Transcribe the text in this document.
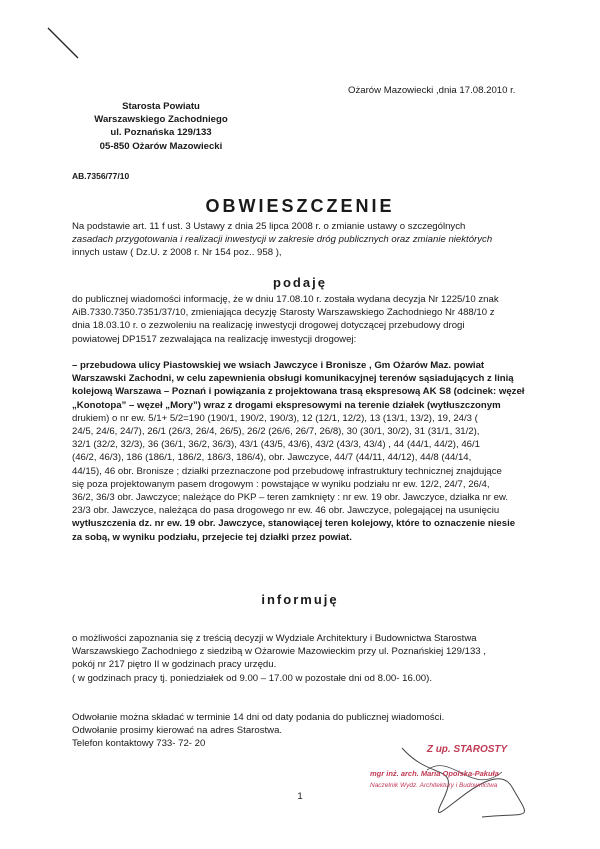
Ożarów Mazowiecki ,dnia 17.08.2010 r.
Starosta Powiatu
Warszawskiego Zachodniego
ul. Poznańska 129/133
05-850 Ożarów Mazowiecki
AB.7356/77/10
OBWIESZCZENIE
Na podstawie art. 11 f ust. 3 Ustawy z dnia 25 lipca 2008 r. o zmianie ustawy o szczególnych
zasadach przygotowania i realizacji inwestycji w zakresie dróg publicznych oraz zmianie niektórych
innych ustaw ( Dz.U. z 2008 r. Nr 154 poz.. 958 ),
podaję
do publicznej wiadomości informację, że w dniu 17.08.10 r. została wydana decyzja Nr 1225/10 znak
AiB.7330.7350.7351/37/10, zmieniająca decyzję Starosty Warszawskiego Zachodniego Nr 488/10 z
dnia 18.03.10 r. o zezwoleniu na realizację inwestycji drogowej dotyczącej przebudowy drogi
powiatowej DP1517 zezwalająca na realizację inwestycji drogowej:
– przebudowa ulicy Piastowskiej we wsiach Jawczyce i Bronisze , Gm Ożarów Maz. powiat
Warszawski Zachodni, w celu zapewnienia obsługi komunikacyjnej terenów sąsiadujących z linią
kolejową Warszawa – Poznań i powiązania z projektowana trasą ekspresową AK S8 (odcinek: węzeł
„Konotopa” – węzeł „Mory”) wraz z drogami ekspresowymi na terenie działek (wytłuszczonym
drukiem) o nr ew. 5/1+ 5/2=190 (190/1, 190/2, 190/3), 12 (12/1, 12/2), 13 (13/1, 13/2), 19, 24/3 (
24/5, 24/6, 24/7), 26/1 (26/3, 26/4, 26/5), 26/2 (26/6, 26/7, 26/8), 30 (30/1, 30/2), 31 (31/1, 31/2),
32/1 (32/2, 32/3), 36 (36/1, 36/2, 36/3), 43/1 (43/5, 43/6), 43/2 (43/3, 43/4) , 44 (44/1, 44/2), 46/1
(46/2, 46/3), 186 (186/1, 186/2, 186/3, 186/4), obr. Jawczyce, 44/7 (44/11, 44/12), 44/8 (44/14,
44/15), 46 obr. Bronisze ; działki przeznaczone pod przebudowę infrastruktury technicznej znajdujące
się poza projektowanym pasem drogowym : powstające w wyniku podziału nr ew. 12/2, 24/7, 26/4,
36/2, 36/3 obr. Jawczyce; należące do PKP – teren zamknięty : nr ew. 19 obr. Jawczyce, działka nr ew.
23/3 obr. Jawczyce, należąca do pasa drogowego nr ew. 46 obr. Jawczyce, polegającej na usunięciu
wytłuszczenia dz. nr ew. 19 obr. Jawczyce, stanowiącej teren kolejowy, które to oznaczenie niesie
za sobą, w wyniku podziału, przejecie tej działki przez powiat.
informuję
o możliwości zapoznania się z treścią decyzji w Wydziale Architektury i Budownictwa Starostwa
Warszawskiego Zachodniego z siedzibą w Ożarowie Mazowieckim przy ul. Poznańskiej 129/133 ,
pokój nr 217 piętro II w godzinach pracy urzędu.
( w godzinach pracy tj. poniedziałek od 9.00 – 17.00 w pozostałe dni od 8.00- 16.00).
Odwołanie można składać w terminie 14 dni od daty podania do publicznej wiadomości.
Odwołanie prosimy kierować na adres Starostwa.
Telefon kontaktowy 733- 72- 20
Z up. STAROSTY
mgr inż. arch. Maria Opolska-Pakuła
Naczelnik Wydz. Architektury i Budownictwa
1
